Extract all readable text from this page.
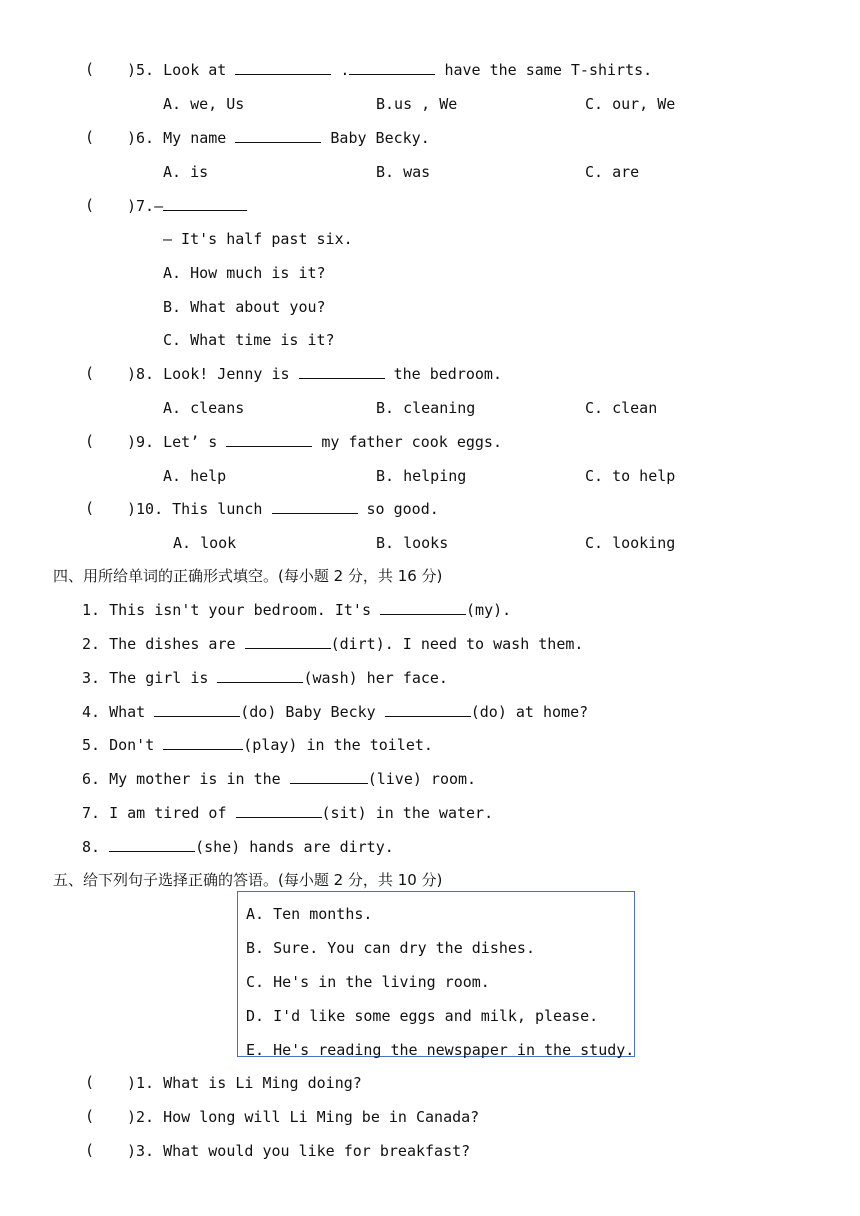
( )5. Look at	.	have the same T-shirts.
A. we, Us	B.us , We	C. our, We
( )6. My name	Baby Becky.
A. is	B. was	C. are
( )7.—
— It's half past six.
A. How much is it?
B. What about you?
C. What time is it?
( )8. Look! Jenny is	the bedroom.
A. cleans	B. cleaning	C. clean
( )9. Let’ s	my father cook eggs.
A. help	B. helping	C. to help
( )10. This lunch	so good.
A. look	B. looks	C. looking
四、用所给单词的正确形式填空。(每小题 2 分，共 16 分)
1. This isn't your bedroom. It's	(my).
2. The dishes are	(dirt). I need to wash them.
3. The girl is	(wash) her face.
4. What	(do) Baby Becky	(do) at home?
5. Don't	(play) in the toilet.
6. My mother is in the	(live) room.
7. I am tired of	(sit) in the water.
8.	(she) hands are dirty.
五、给下列句子选择正确的答语。(每小题 2 分，共 10 分)
A. Ten months.
B. Sure. You can dry the dishes.
C. He's in the living room.
D. I'd like some eggs and milk, please.
E. He's reading the newspaper in the study.
( )1. What is Li Ming doing?
( )2. How long will Li Ming be in Canada?
( )3. What would you like for breakfast?
